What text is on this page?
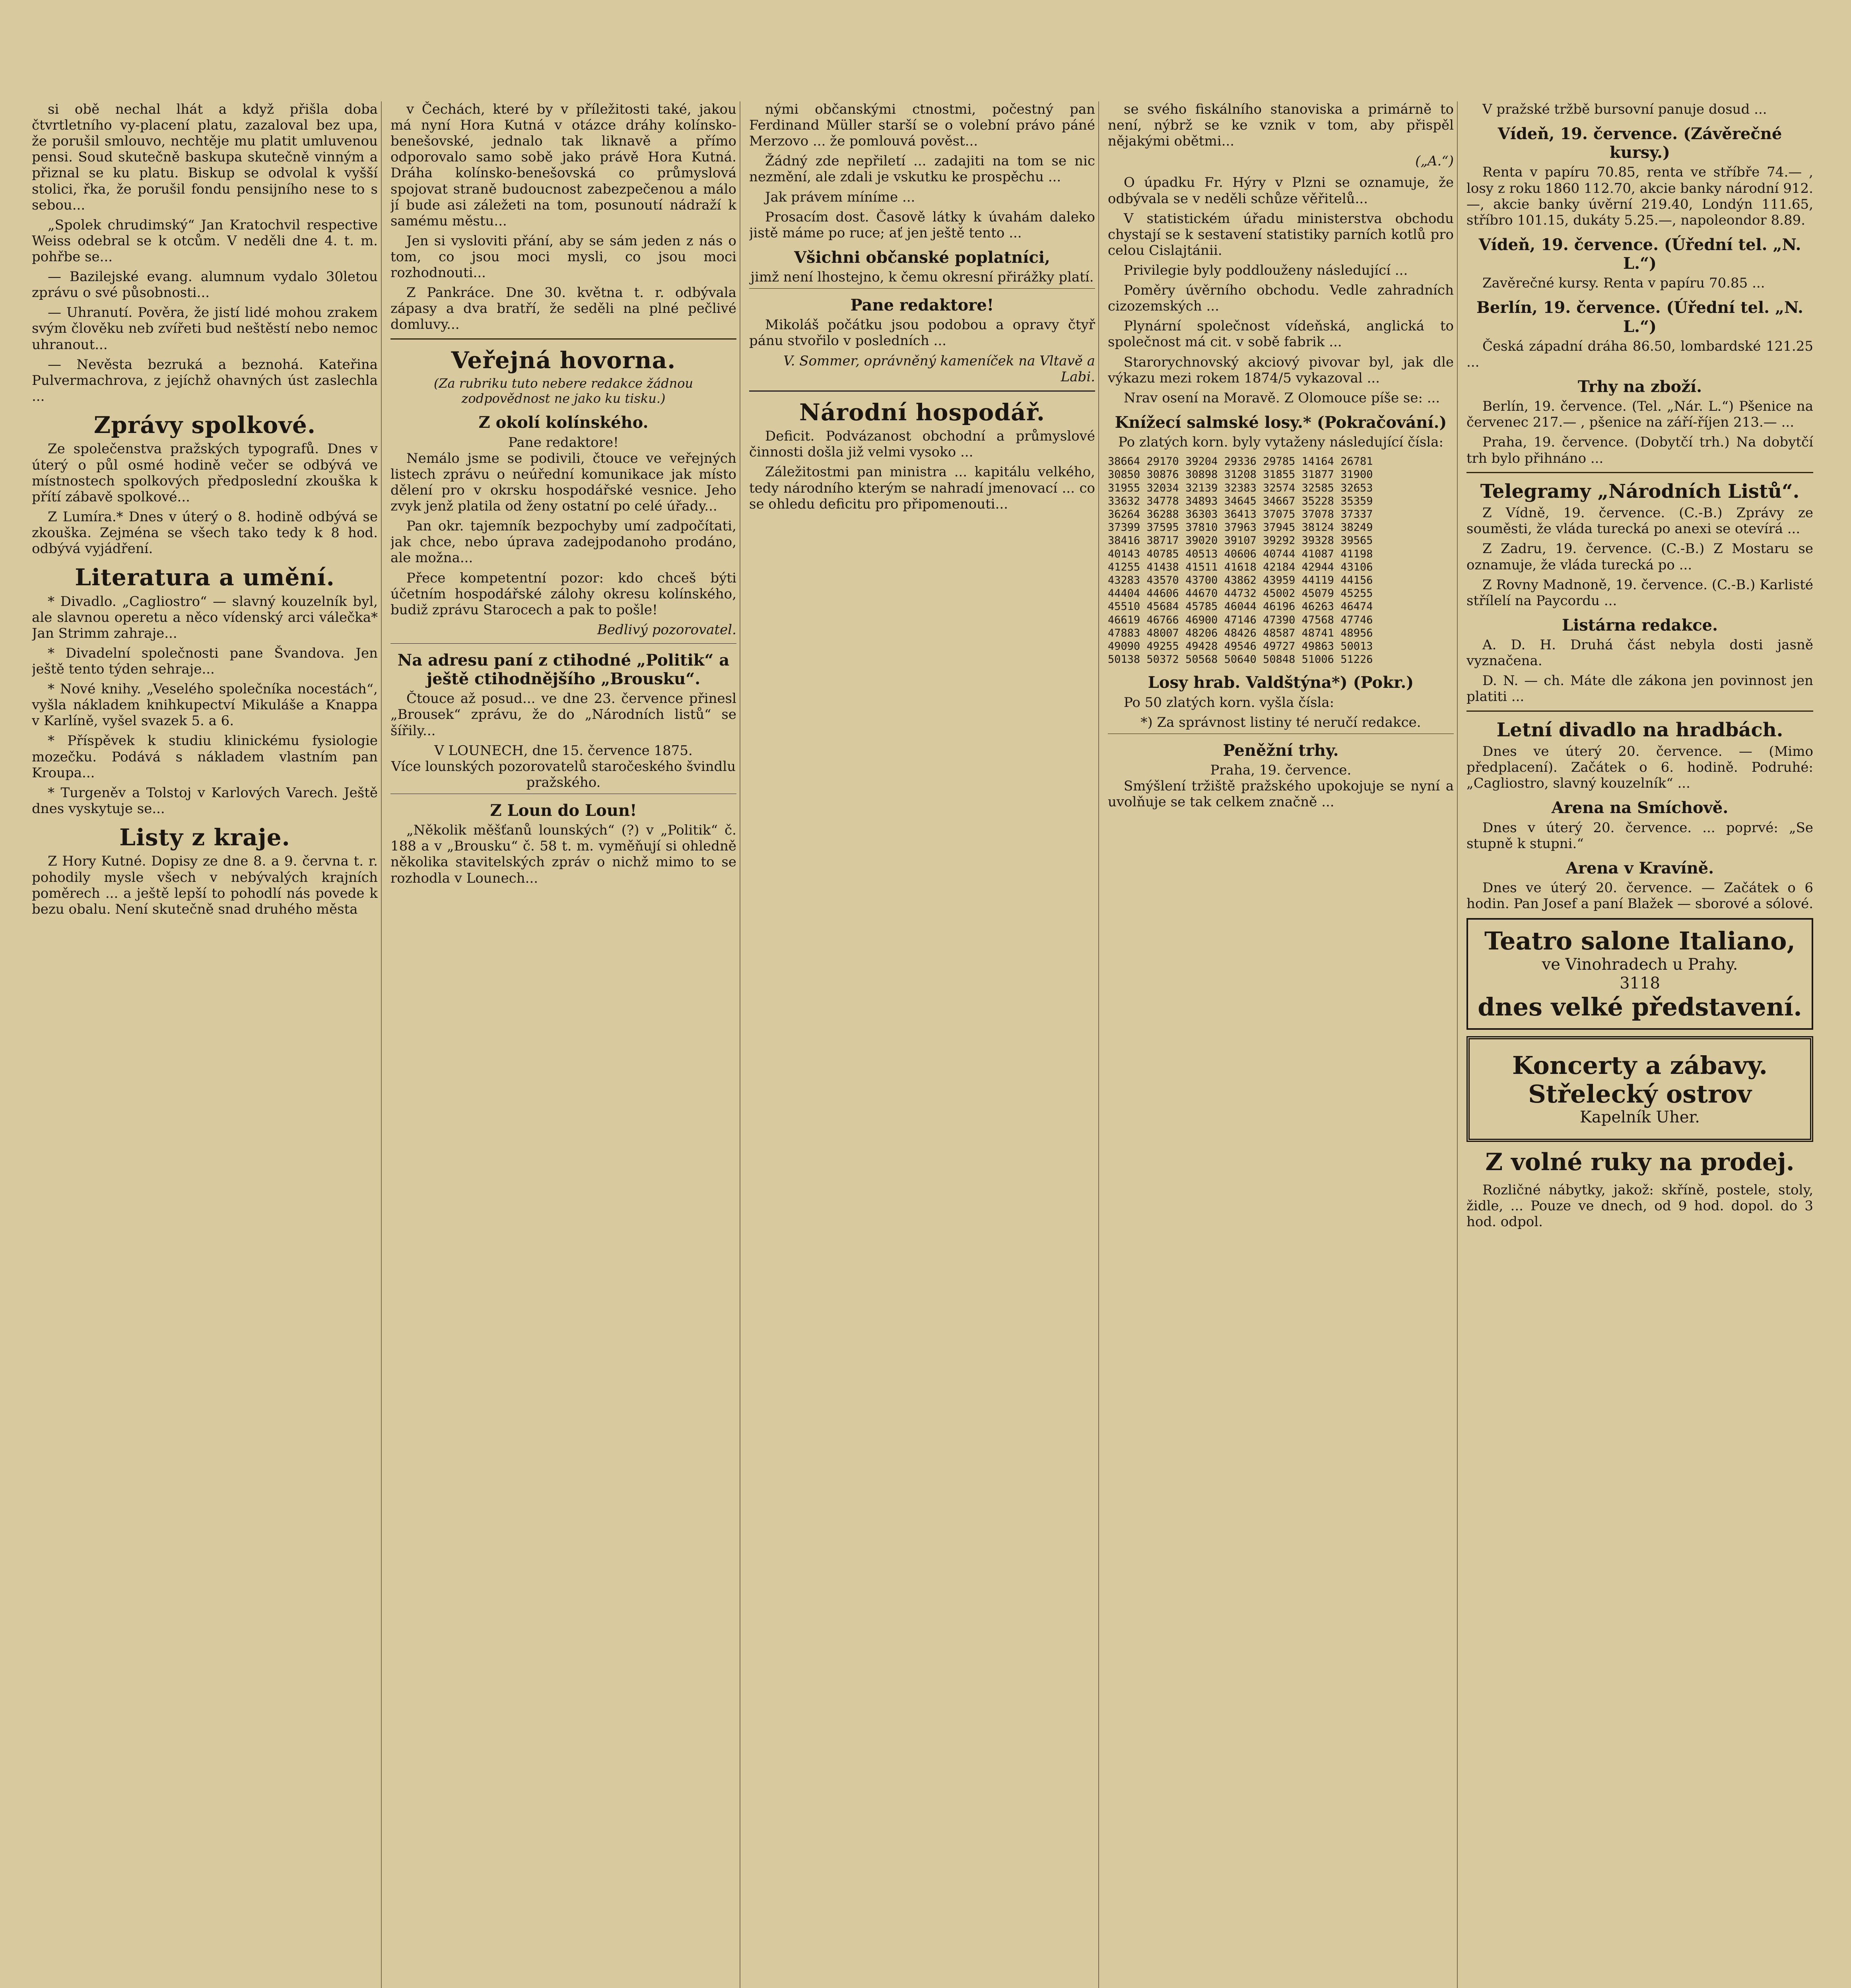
si obě nechal lhát a když přišla doba čtvrtletního vy-placení platu, zazaloval bez upa, že porušil smlouvo, nechtěje mu platit umluvenou pensi. Soud skutečně baskupa skutečně vinným a přiznal se ku platu. Biskup se odvolal k vyšší stolici, řka, že porušil fondu pensijního nese to s sebou...

„Spolek chrudimský“ Jan Kratochvil respective Weiss odebral se k otcům. V neděli dne 4. t. m. pohřbe se...

— Bazilejské evang. alumnum vydalo 30letou zprávu o své působnosti...

— Uhranutí. Pověra, že jistí lidé mohou zrakem svým člověku neb zvířeti bud neštěstí nebo nemoc uhranout...

— Nevěsta bezruká a beznohá. Kateřina Pulvermachrova, z jejíchž ohavných úst zaslechla ...

Zprávy spolkové.

Ze společenstva pražských typografů. Dnes v úterý o půl osmé hodině večer se odbývá ve místnostech spolkových předposlední zkouška k přítí zábavě spolkové...

Z Lumíra.* Dnes v úterý o 8. hodině odbývá se zkouška. Zejména se všech tako tedy k 8 hod. odbývá vyjádření.

Literatura a umění.

* Divadlo. „Cagliostro“ — slavný kouzelník byl, ale slavnou operetu a něco vídenský arci válečka* Jan Strimm zahraje...

* Divadelní společnosti pane Švandova. Jen ještě tento týden sehraje...

* Nové knihy. „Veselého společníka nocestách“, vyšla nákladem knihkupectví Mikuláše a Knappa v Karlíně, vyšel svazek 5. a 6.

* Příspěvek k studiu klinickému fysiologie mozečku. Podává s nákladem vlastním pan Kroupa...

* Turgeněv a Tolstoj v Karlových Varech. Ještě dnes vyskytuje se...

Listy z kraje.

Z Hory Kutné. Dopisy ze dne 8. a 9. června t. r. pohodily mysle všech v nebývalých krajních poměrech ... a ještě lepší to pohodlí nás povede k bezu obalu. Není skutečně snad druhého města

v Čechách, které by v příležitosti také, jakou má nyní Hora Kutná v otázce dráhy kolínsko-benešovské, jednalo tak liknavě a přímo odporovalo samo sobě jako právě Hora Kutná. Dráha kolínsko-benešovská co průmyslová spojovat straně budoucnost zabezpečenou a málo jí bude asi záležeti na tom, posunoutí nádraží k samému městu...

Jen si vysloviti přání, aby se sám jeden z nás o tom, co jsou moci mysli, co jsou moci rozhodnouti...

Z Pankráce. Dne 30. května t. r. odbývala zápasy a dva bratří, že seděli na plné pečlivé domluvy...

Veřejná hovorna.
(Za rubriku tuto nebere redakce žádnou zodpovědnost ne jako ku tisku.)
Z okolí kolínského.
Pane redaktore!

Nemálo jsme se podivili, čtouce ve veřejných listech zprávu o neúřední komunikace jak místo dělení pro v okrsku hospodářské vesnice. Jeho zvyk jenž platila od ženy ostatní po celé úřady...

Pan okr. tajemník bezpochyby umí zadpočítati, jak chce, nebo úprava zadejpodanoho prodáno, ale možna...

Přece kompetentní pozor: kdo chceš býti účetním hospodářské zálohy okresu kolínského, budiž zprávu Starocech a pak to pošle!

Bedlivý pozorovatel.
Na adresu paní z ctihodné „Politik“ a ještě ctihodnějšího „Brousku“.

Čtouce až posud... ve dne 23. července přinesl „Brousek“ zprávu, že do „Národních listů“ se šířily...

V LOUNECH, dne 15. července 1875.
Více lounských pozorovatelů staročeského švindlu pražského.
Z Loun do Loun!

„Několik měšťanů lounských“ (?) v „Politik“ č. 188 a v „Brousku“ č. 58 t. m. vyměňují si ohledně několika stavitelských zpráv o nichž mimo to se rozhodla v Lounech...

nými občanskými ctnostmi, počestný pan Ferdinand Müller starší se o volební právo páné Merzovo ... že pomlouvá pověst...

Žádný zde nepřiletí ... zadajiti na tom se nic nezmění, ale zdali je vskutku ke prospěchu ...

Jak právem míníme ...

Prosacím dost. Časově látky k úvahám daleko jistě máme po ruce; ať jen ještě tento ...

Všichni občanské poplatníci,
jimž není lhostejno, k čemu okresní přirážky platí.
Pane redaktore!

Mikoláš počátku jsou podobou a opravy čtyř pánu stvořilo v posledních ...

V. Sommer, oprávněný kameníček na Vltavě a Labi.
Národní hospodář.

Deficit. Podvázanost obchodní a průmyslové činnosti došla již velmi vysoko ...

Záležitostmi pan ministra ... kapitálu velkého, tedy národního kterým se nahradí jmenovací ... co se ohledu deficitu pro připomenouti...

se svého fiskálního stanoviska a primárně to není, nýbrž se ke vznik v tom, aby přispěl nějakými obětmi...

(„A.“)

O úpadku Fr. Hýry v Plzni se oznamuje, že odbývala se v neděli schůze věřitelů...

V statistickém úřadu ministerstva obchodu chystají se k sestavení statistiky parních kotlů pro celou Cislajtánii.

Privilegie byly poddlouženy následující ...

Poměry úvěrního obchodu. Vedle zahradních cizozemských ...

Plynární společnost vídeňská, anglická to společnost má cit. v sobě fabrik ...

Starorychnovský akciový pivovar byl, jak dle výkazu mezi rokem 1874/5 vykazoval ...

Nrav osení na Moravě. Z Olomouce píše se: ...

Knížecí salmské losy.* (Pokračování.)
Po zlatých korn. byly vytaženy následující čísla:
38664 29170 39204 29336 29785 14164 26781
30850 30876 30898 31208 31855 31877 31900
31955 32034 32139 32383 32574 32585 32653
33632 34778 34893 34645 34667 35228 35359
36264 36288 36303 36413 37075 37078 37337
37399 37595 37810 37963 37945 38124 38249
38416 38717 39020 39107 39292 39328 39565
40143 40785 40513 40606 40744 41087 41198
41255 41438 41511 41618 42184 42944 43106
43283 43570 43700 43862 43959 44119 44156
44404 44606 44670 44732 45002 45079 45255
45510 45684 45785 46044 46196 46263 46474
46619 46766 46900 47146 47390 47568 47746
47883 48007 48206 48426 48587 48741 48956
49090 49255 49428 49546 49727 49863 50013
50138 50372 50568 50640 50848 51006 51226
Losy hrab. Valdštýna*) (Pokr.)

Po 50 zlatých korn. vyšla čísla:

*) Za správnost listiny té neručí redakce.
Peněžní trhy.
Praha, 19. července.

Smýšlení tržiště pražského upokojuje se nyní a uvolňuje se tak celkem značně ...

V pražské tržbě bursovní panuje dosud ...

Vídeň, 19. července. (Závěrečné kursy.)

Renta v papíru 70.85, renta ve stříbře 74.— , losy z roku 1860 112.70, akcie banky národní 912.—, akcie banky úvěrní 219.40, Londýn 111.65, stříbro 101.15, dukáty 5.25.—, napoleondor 8.89.

Vídeň, 19. července. (Úřední tel. „N. L.“)

Zavěrečné kursy. Renta v papíru 70.85 ...

Berlín, 19. července. (Úřední tel. „N. L.“)

Česká západní dráha 86.50, lombardské 121.25 ...

Trhy na zboží.

Berlín, 19. července. (Tel. „Nár. L.“) Pšenice na červenec 217.— , pšenice na září-říjen 213.— ...

Praha, 19. července. (Dobytčí trh.) Na dobytčí trh bylo přihnáno ...

Telegramy „Národních Listů“.

Z Vídně, 19. července. (C.-B.) Zprávy ze souměsti, že vláda turecká po anexi se otevírá ...

Z Zadru, 19. července. (C.-B.) Z Mostaru se oznamuje, že vláda turecká po ...

Z Rovny Madnoně, 19. července. (C.-B.) Karlisté střílelí na Paycordu ...

Listárna redakce.

A. D. H. Druhá část nebyla dosti jasně vyznačena.

D. N. — ch. Máte dle zákona jen povinnost jen platiti ...

Letní divadlo na hradbách.

Dnes ve úterý 20. července. — (Mimo předplacení). Začátek o 6. hodině. Podruhé: „Cagliostro, slavný kouzelník“ ...

Arena na Smíchově.

Dnes v úterý 20. července. ... poprvé: „Se stupně k stupni.“

Arena v Kravíně.

Dnes ve úterý 20. července. — Začátek o 6 hodin. Pan Josef a paní Blažek — sborové a sólové.

Teatro salone Italiano,
ve Vinohradech u Prahy.
3118
dnes velké představení.
Koncerty a zábavy.
Střelecký ostrov
Kapelník Uher.
Z volné ruky na prodej.

Rozličné nábytky, jakož: skříně, postele, stoly, židle, ... Pouze ve dnech, od 9 hod. dopol. do 3 hod. odpol.
